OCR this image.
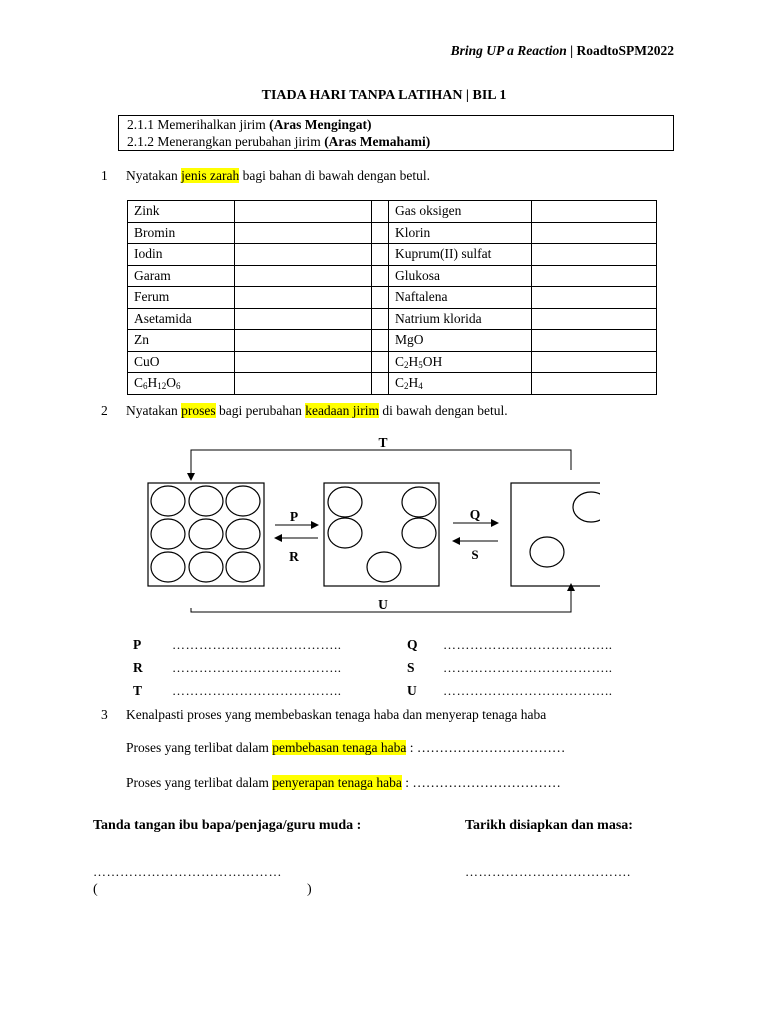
Bring UP a Reaction | RoadtoSPM2022
TIADA HARI TANPA LATIHAN | BIL 1
2.1.1 Memerihalkan jirim (Aras Mengingat)
2.1.2 Menerangkan perubahan jirim (Aras Memahami)
1 Nyatakan jenis zarah bagi bahan di bawah dengan betul.
Zink			Gas oksigen	
Bromin			Klorin	
Iodin			Kuprum(II) sulfat	
Garam			Glukosa	
Ferum			Naftalena	
Asetamida			Natrium klorida	
Zn			MgO	
CuO			$C_2H_5OH$	
$C_6H_{12}O_6$			$C_2H_4$	
2 Nyatakan proses bagi perubahan keadaan jirim di bawah dengan betul.
T
P
R
Q
S
U
P ………………………………..	Q ………………………………..
R ………………………………..	S ………………………………..
T ………………………………..	U ………………………………..
3 Kenalpasti proses yang membebaskan tenaga haba dan menyerap tenaga haba
Proses yang terlibat dalam pembebasan tenaga haba : ……………………………
Proses yang terlibat dalam penyerapan tenaga haba : ……………………………
Tanda tangan ibu bapa/penjaga/guru muda :	Tarikh disiapkan dan masa:
……………………………………	……………………………….
(	)
